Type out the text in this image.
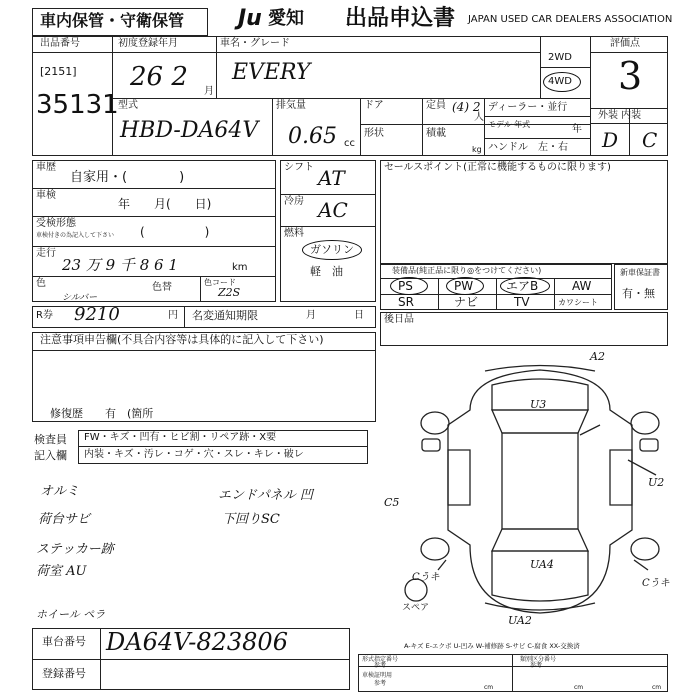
車内保管・守衛保管 Ju 愛知 出品申込書 JAPAN USED CAR DEALERS ASSOCIATION
出品番号
[2151]
35131
初度登録年月
26 2 月
車名・グレード
EVERY
2WD
4WD
評価点
3
外装 内装
D C
型式
HBD-DA64V
排気量
0.65 cc
ドア
形状
定員 (4) 2
人
積載
kg
ディーラー・並行
モデル 年式	年
ハンドル　左・右
車歴
自家用・(　　　　)
車検
年　　月(　　日)
受検形態
車検付きの為記入して下さい (　　　　　)
走行
23 万 9 千 8 6 1	km
色
シルバー
色替	色コード
Z2S
シフト AT
冷房 AC
燃料
ガソリン
軽　油
セールスポイント(正常に機能するものに限ります)
装備品(純正品に限り◎をつけてください)
PS	PW	エアB	AW
SR	ナビ	TV	カワシート
新車保証書
有・無
R券 9210	円 名変通知期限	月	日 後日品
注意事項申告欄(不具合内容等は具体的に記入して下さい)
修復歴　　有　(箇所
検査員 記入欄
FW・キズ・凹有・ヒビ割・リペア跡・X要
内装・キズ・汚レ・コゲ・穴・スレ・キレ・破レ
オルミ	エンドパネル 凹
荷台サビ	下回りSC
ステッカー跡
荷室 AU
ホイール ペラ
A2
U3
U2
C5
UA4
Cうキ
Cうキ
UA2
スペア
A-キズ E-エクボ U-凹み W-補修跡 S-サビ C-腐食 XX-交換済
車台番号 DA64V-823806
登録番号
形式指定番号
参考
類別区分番号
参考
車検証明用
参考
cm	cm	cm
